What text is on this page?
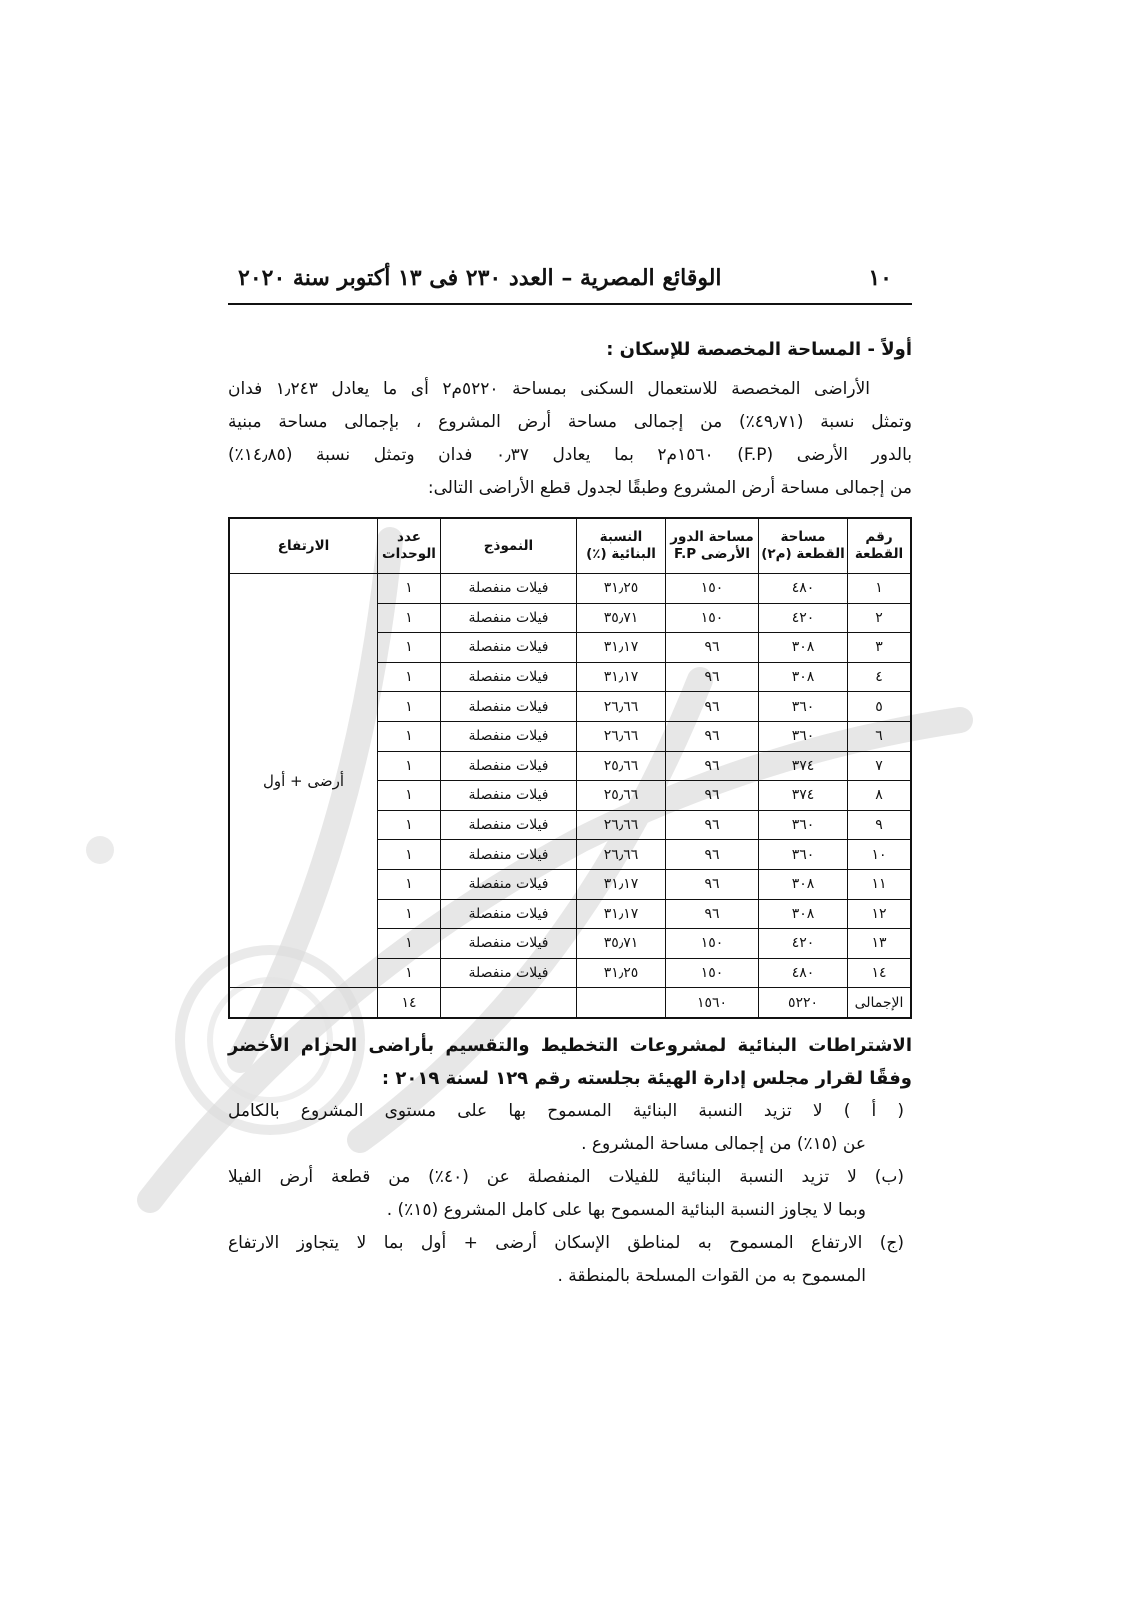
١٠
الوقائع المصرية – العدد ٢٣٠ فى ١٣ أكتوبر سنة ٢٠٢٠
أولاً - المساحة المخصصة للإسكان :

الأراضى المخصصة للاستعمال السكنى بمساحة ٥٢٢٠م٢ أى ما يعادل ١٫٢٤٣ فدان
وتمثل نسبة (٤٩٫٧١٪) من إجمالى مساحة أرض المشروع ، بإجمالى مساحة مبنية
بالدور الأرضى (F.P) ١٥٦٠م٢ بما يعادل ٠٫٣٧ فدان وتمثل نسبة (١٤٫٨٥٪)
من إجمالى مساحة أرض المشروع وطبقًا لجدول قطع الأراضى التالى:

رقم القطعة	مساحة القطعة (م٢)	مساحة الدور الأرضى F.P	النسبة البنائية (٪)	النموذج	عدد الوحدات	الارتفاع
١	٤٨٠	١٥٠	٣١٫٢٥	فيلات منفصلة	١	أرضى + أول
٢	٤٢٠	١٥٠	٣٥٫٧١	فيلات منفصلة	١	
٣	٣٠٨	٩٦	٣١٫١٧	فيلات منفصلة	١	
٤	٣٠٨	٩٦	٣١٫١٧	فيلات منفصلة	١	
٥	٣٦٠	٩٦	٢٦٫٦٦	فيلات منفصلة	١	
٦	٣٦٠	٩٦	٢٦٫٦٦	فيلات منفصلة	١	
٧	٣٧٤	٩٦	٢٥٫٦٦	فيلات منفصلة	١	
٨	٣٧٤	٩٦	٢٥٫٦٦	فيلات منفصلة	١	
٩	٣٦٠	٩٦	٢٦٫٦٦	فيلات منفصلة	١	
١٠	٣٦٠	٩٦	٢٦٫٦٦	فيلات منفصلة	١	
١١	٣٠٨	٩٦	٣١٫١٧	فيلات منفصلة	١	
١٢	٣٠٨	٩٦	٣١٫١٧	فيلات منفصلة	١	
١٣	٤٢٠	١٥٠	٣٥٫٧١	فيلات منفصلة	١	
١٤	٤٨٠	١٥٠	٣١٫٢٥	فيلات منفصلة	١	
الإجمالى	٥٢٢٠	١٥٦٠			١٤	
الاشتراطات البنائية لمشروعات التخطيط والتقسيم بأراضى الحزام الأخضر
وفقًا لقرار مجلس إدارة الهيئة بجلسته رقم ١٢٩ لسنة ٢٠١٩ :

( أ ) لا تزيد النسبة البنائية المسموح بها على مستوى المشروع بالكامل
عن (١٥٪) من إجمالى مساحة المشروع .

(ب) لا تزيد النسبة البنائية للفيلات المنفصلة عن (٤٠٪) من قطعة أرض الفيلا
وبما لا يجاوز النسبة البنائية المسموح بها على كامل المشروع (١٥٪) .

(ج) الارتفاع المسموح به لمناطق الإسكان أرضى + أول بما لا يتجاوز الارتفاع
المسموح به من القوات المسلحة بالمنطقة .
